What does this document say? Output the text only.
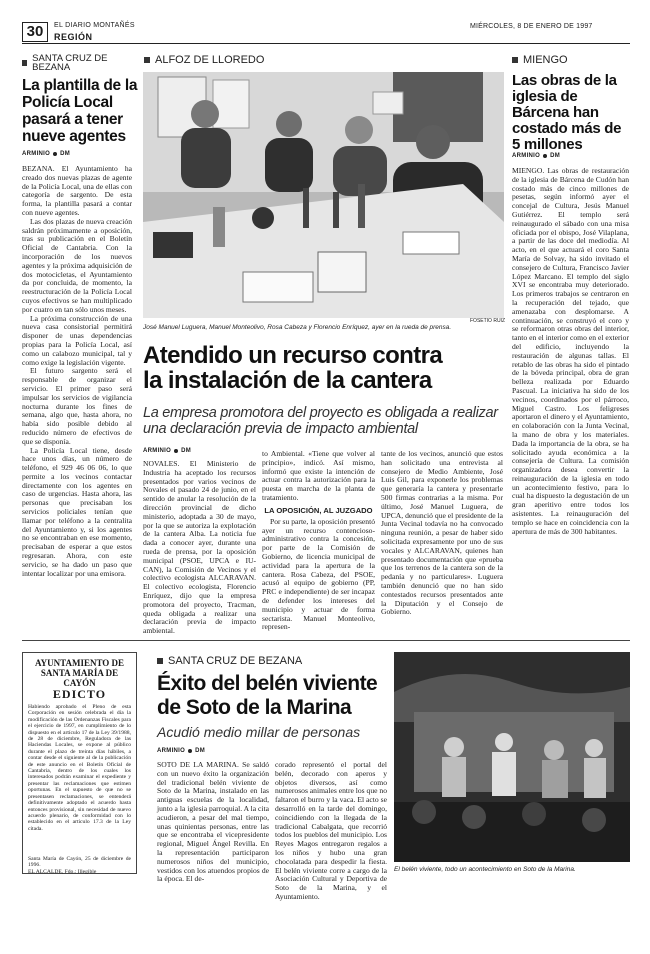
30	EL DIARIO MONTAÑÉS
REGIÓN
MIÉRCOLES, 8 DE ENERO DE 1997
SANTA CRUZ DE BEZANA
La plantilla de la Policía Local pasará a tener nueve agentes
ARMINIO DM

BEZANA. El Ayuntamiento ha creado dos nuevas plazas de agente de la Policía Local, una de ellas con categoría de sargento. De esta forma, la plantilla pasará a contar con nueve agentes.

Las dos plazas de nueva creación saldrán próximamente a oposición, tras su publicación en el Boletín Oficial de Cantabria. Con la incorporación de los nuevos agentes y la próxima adquisición de dos motocicletas, el Ayuntamiento da por concluida, de momento, la reestructuración de la Policía Local cuyos efectivos se han multiplicado por cuatro en tan sólo unos meses.

La próxima construcción de una nueva casa consistorial permitirá disponer de unas dependencias propias para la Policía Local, así como un calabozo municipal, tal y como exige la legislación vigente.

El futuro sargento será el responsable de organizar el servicio. El primer paso será impulsar los servicios de vigilancia nocturna durante los fines de semana, algo que, hasta ahora, no había sido posible debido al reducido número de efectivos de que se disponía.

La Policía Local tiene, desde hace unos días, un número de teléfono, el 929 46 06 06, lo que permite a los vecinos contactar directamente con los agentes en caso de urgencias. Hasta ahora, las personas que precisaban los servicios policiales tenían que llamar por teléfono a la centralita del Ayuntamiento y, si los agentes no se encontraban en ese momento, precisaban de esperar a que estos regresaran. Ahora, con este servicio, se ha dado un paso que intentar localizar por una emisora.

ALFOZ DE LLOREDO
FOSETIO RUIZ
José Manuel Luguera, Manuel Monteolivo, Rosa Cabeza y Florencio Enríquez, ayer en la rueda de prensa.
Atendido un recurso contra
la instalación de la cantera
La empresa promotora del proyecto es obligada a realizar una declaración previa de impacto ambiental
ARMINIO DM
NOVALES. El Ministerio de Industria ha aceptado los recursos presentados por varios vecinos de Novales el pasado 24 de junio, en el sentido de anular la resolución de la dirección provincial de dicho ministerio, adoptada a 30 de mayo, por la que se autoriza la explotación de la cantera Alba. La noticia fue dada a conocer ayer, durante una rueda de prensa, por la oposición municipal (PSOE, UPCA e IU-CAN), la Comisión de Vecinos y el colectivo ecologista ALCARAVAN. El colectivo ecologista, Florencio Enríquez, dijo que la empresa promotora del proyecto, Tracman, queda obligada a realizar una declaración previa de impacto ambiental.

to Ambiental. «Tiene que volver al principio», indicó. Así mismo, informó que existe la intención de actuar contra la autorización para la puesta en marcha de la planta de tratamiento.

LA OPOSICIÓN, AL JUZGADO

Por su parte, la oposición presentó ayer un recurso contencioso-administrativo contra la concesión, por parte de la Comisión de Gobierno, de licencia municipal de actividad para la apertura de la cantera. Rosa Cabeza, del PSOE, acusó al equipo de gobierno (PP, PRC e independiente) de ser incapaz de defender los intereses del municipio y actuar de forma sectarista. Manuel Monteolivo, represen-

tante de los vecinos, anunció que estos han solicitado una entrevista al consejero de Medio Ambiente, José Luis Gil, para exponerle los problemas que generaría la cantera y presentarle 500 firmas contrarias a la misma. Por último, José Manuel Luguera, de UPCA, denunció que el presidente de la Junta Vecinal todavía no ha convocado ninguna reunión, a pesar de haber sido solicitada expresamente por uno de sus vocales y ALCARAVAN, quienes han presentado documentación que «prueba que los terrenos de la cantera son de la pedanía y no particulares». Luguera también denunció que no han sido contestados recursos presentados ante la Diputación y el Consejo de Gobierno.
MIENGO
Las obras de la iglesia de Bárcena han costado más de 5 millones
ARMINIO DM
MIENGO. Las obras de restauración de la iglesia de Bárcena de Cudón han costado más de cinco millones de pesetas, según informó ayer el concejal de Cultura, Jesús Manuel Gutiérrez. El templo será reinaugurado el sábado con una misa oficiada por el obispo, José Vilaplana, a partir de las doce del mediodía. Al acto, en el que actuará el coro Santa María de Solvay, ha sido invitado el consejero de Cultura, Francisco Javier López Marcano. El templo del siglo XVI se encontraba muy deteriorado. Los primeros trabajos se centraron en la recuperación del tejado, que amenazaba con desplomarse. A continuación, se construyó el coro y se reformaron otras obras del interior, tanto en el interior como en el exterior del edificio, incluyendo la restauración de algunas tallas. El retablo de las obras ha sido el pintado de la bóveda principal, obra de gran belleza realizada por Eduardo Pascual. La iniciativa ha sido de los vecinos, coordinados por el párroco, Miguel Castro. Los feligreses aportaron el dinero y el Ayuntamiento, en colaboración con la Junta Vecinal, la mano de obra y los materiales. Dada la importancia de la obra, se ha solicitado ayuda económica a la consejería de Cultura. La comisión organizadora desea convertir la reinauguración de la iglesia en todo un acontecimiento festivo, para lo cual ha dispuesto la degustación de un gran aperitivo entre todos los asistentes. La reinauguración del templo se hace en coincidencia con la apertura de más de 300 habitantes.
AYUNTAMIENTO DE
SANTA MARÍA DE CAYÓN
EDICTO
Habiendo aprobado el Pleno de esta Corporación en sesión celebrada el día la modificación de las Ordenanzas Fiscales para el ejercicio de 1997, en cumplimiento de lo dispuesto en el artículo 17 de la Ley 39/1988, de 28 de diciembre, Reguladora de las Haciendas Locales, se expone al público durante el plazo de treinta días hábiles, a contar desde el siguiente al de la publicación de este anuncio en el Boletín Oficial de Cantabria, dentro de los cuales los interesados podrán examinar el expediente y presentar las reclamaciones que estimen oportunas. En el supuesto de que no se presentasen reclamaciones, se entenderá definitivamente adoptado el acuerdo hasta entonces provisional, sin necesidad de nuevo acuerdo plenario, de conformidad con lo establecido en el artículo 17.3 de la Ley citada.
Santa María de Cayón, 25 de diciembre de 1996.
EL ALCALDE, Fdo.: Illegible
SANTA CRUZ DE BEZANA
Éxito del belén viviente
de Soto de la Marina
Acudió medio millar de personas
ARMINIO DM
SOTO DE LA MARINA. Se saldó con un nuevo éxito la organización del tradicional belén viviente de Soto de la Marina, instalado en las antiguas escuelas de la localidad, junto a la iglesia parroquial. A la cita acudieron, a pesar del mal tiempo, unas quinientas personas, entre las que se encontraba el vicepresidente regional, Miguel Ángel Revilla. En la representación participaron numerosos niños del municipio, vestidos con los atuendos propios de la época. El de-
corado representó el portal del belén, decorado con aperos y objetos diversos, así como numerosos animales entre los que no faltaron el burro y la vaca. El acto se desarrolló en la tarde del domingo, coincidiendo con la llegada de la tradicional Cabalgata, que recorrió todos los pueblos del municipio. Los Reyes Magos entregaron regalos a los niños y hubo una gran chocolatada para despedir la fiesta. El belén viviente corre a cargo de la Asociación Cultural y Deportiva de Soto de la Marina, y el Ayuntamiento.
El belén viviente, todo un acontecimiento en Soto de la Marina.
